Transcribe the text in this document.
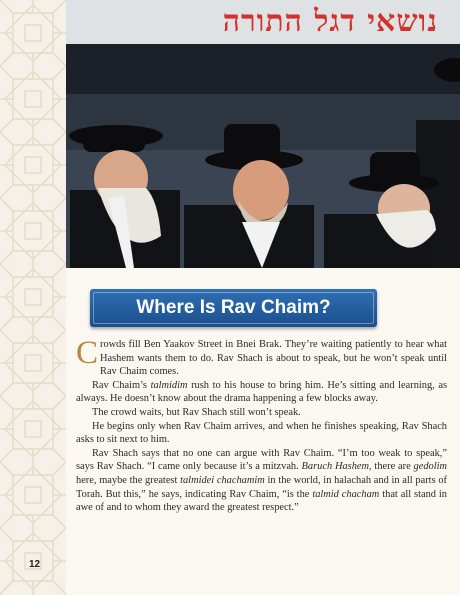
נושאי דגל התורה
Where Is Rav Chaim?

Crowds fill Ben Yaakov Street in Bnei Brak. They’re waiting patiently to hear what Hashem wants them to do. Rav Shach is about to speak, but he won’t speak until Rav Chaim comes.

Rav Chaim’s talmidim rush to his house to bring him. He’s sitting and learning, as always. He doesn’t know about the drama happening a few blocks away.

The crowd waits, but Rav Shach still won’t speak.

He begins only when Rav Chaim arrives, and when he finishes speaking, Rav Shach asks to sit next to him.

Rav Shach says that no one can argue with Rav Chaim. “I’m too weak to speak,” says Rav Shach. “I came only because it’s a mitzvah. Baruch Hashem, there are gedolim here, maybe the greatest talmidei chachamim in the world, in halachah and in all parts of Torah. But this,” he says, indicating Rav Chaim, “is the talmid chacham that all stand in awe of and to whom they award the greatest respect.”

12
